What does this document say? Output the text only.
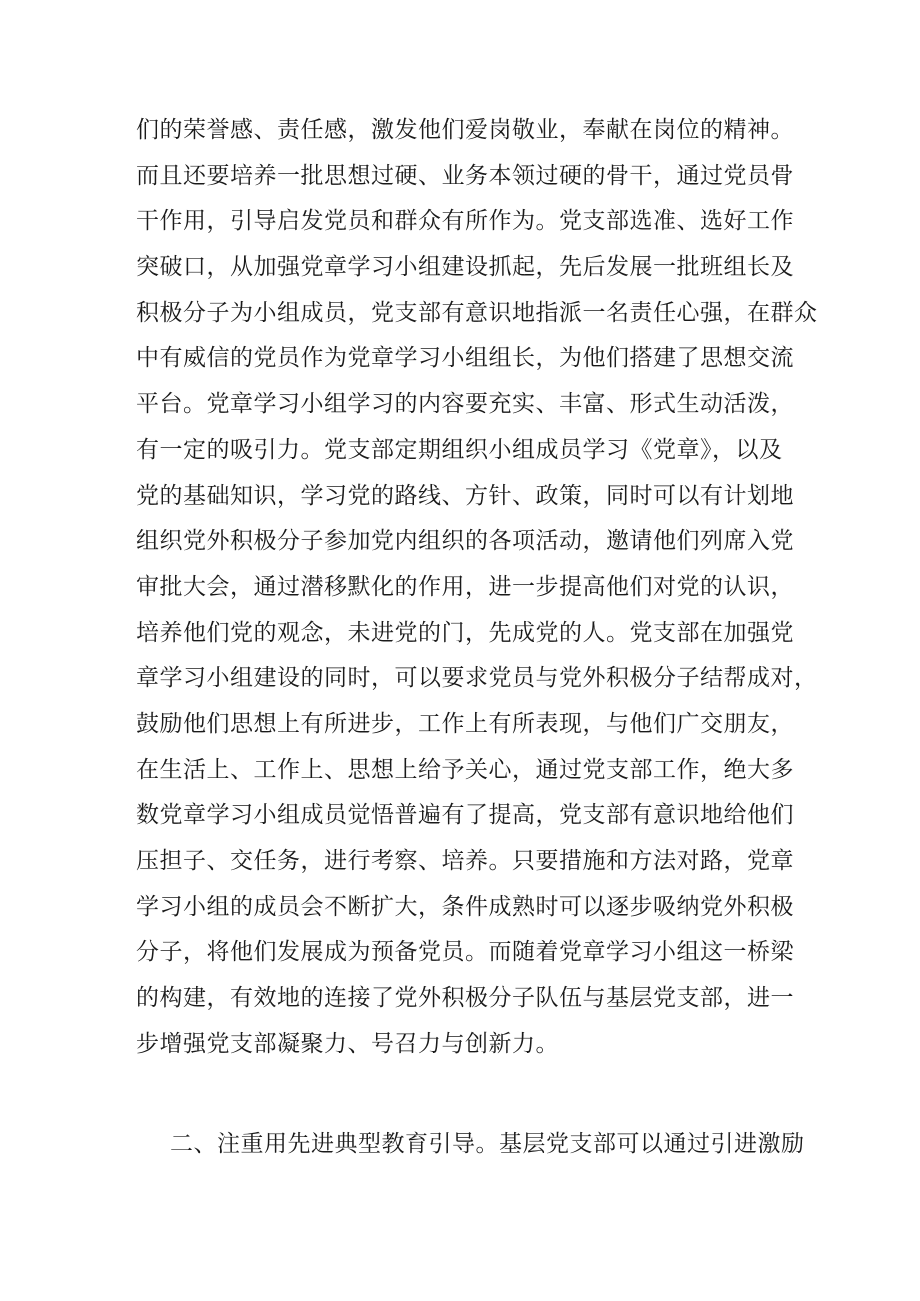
们的荣誉感、责任感，激发他们爱岗敬业，奉献在岗位的精神。
而且还要培养一批思想过硬、业务本领过硬的骨干，通过党员骨
干作用，引导启发党员和群众有所作为。党支部选准、选好工作
突破口，从加强党章学习小组建设抓起，先后发展一批班组长及
积极分子为小组成员，党支部有意识地指派一名责任心强，在群众
中有威信的党员作为党章学习小组组长，为他们搭建了思想交流
平台。党章学习小组学习的内容要充实、丰富、形式生动活泼，
有一定的吸引力。党支部定期组织小组成员学习《党章》，以及
党的基础知识，学习党的路线、方针、政策，同时可以有计划地
组织党外积极分子参加党内组织的各项活动，邀请他们列席入党
审批大会，通过潜移默化的作用，进一步提高他们对党的认识，
培养他们党的观念，未进党的门，先成党的人。党支部在加强党
章学习小组建设的同时，可以要求党员与党外积极分子结帮成对，
鼓励他们思想上有所进步，工作上有所表现，与他们广交朋友，
在生活上、工作上、思想上给予关心，通过党支部工作，绝大多
数党章学习小组成员觉悟普遍有了提高，党支部有意识地给他们
压担子、交任务，进行考察、培养。只要措施和方法对路，党章
学习小组的成员会不断扩大，条件成熟时可以逐步吸纳党外积极
分子，将他们发展成为预备党员。而随着党章学习小组这一桥梁
的构建，有效地的连接了党外积极分子队伍与基层党支部，进一
步增强党支部凝聚力、号召力与创新力。
二、注重用先进典型教育引导。基层党支部可以通过引进激励
